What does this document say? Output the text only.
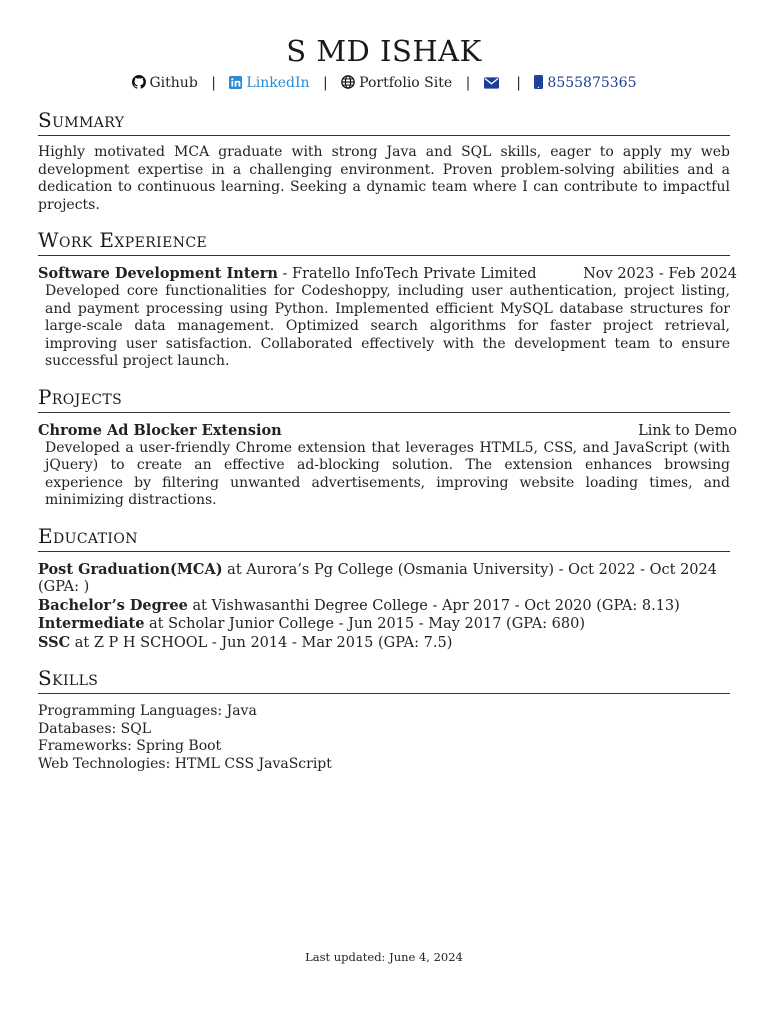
S MD ISHAK
Github | LinkedIn | Portfolio Site |	| 8555875365
Summary
Highly motivated MCA graduate with strong Java and SQL skills, eager to apply my web development expertise in a challenging environment. Proven problem-solving abilities and a dedication to continuous learning. Seeking a dynamic team where I can contribute to impactful projects.
Work Experience
Software Development Intern - Fratello InfoTech Private Limited	Nov 2023 - Feb 2024
Developed core functionalities for Codeshoppy, including user authentication, project listing, and payment processing using Python. Implemented efficient MySQL database structures for large-scale data management. Optimized search algorithms for faster project retrieval, improving user satisfaction. Collaborated effectively with the development team to ensure successful project launch.
Projects
Chrome Ad Blocker Extension	Link to Demo
Developed a user-friendly Chrome extension that leverages HTML5, CSS, and JavaScript (with jQuery) to create an effective ad-blocking solution. The extension enhances browsing experience by filtering unwanted advertisements, improving website loading times, and minimizing distractions.
Education
Post Graduation(MCA) at Aurora’s Pg College (Osmania University) - Oct 2022 - Oct 2024 (GPA: )
Bachelor’s Degree at Vishwasanthi Degree College - Apr 2017 - Oct 2020 (GPA: 8.13)
Intermediate at Scholar Junior College - Jun 2015 - May 2017 (GPA: 680)
SSC at Z P H SCHOOL - Jun 2014 - Mar 2015 (GPA: 7.5)
Skills
Programming Languages: Java
Databases: SQL
Frameworks: Spring Boot
Web Technologies: HTML CSS JavaScript
Last updated: June 4, 2024
